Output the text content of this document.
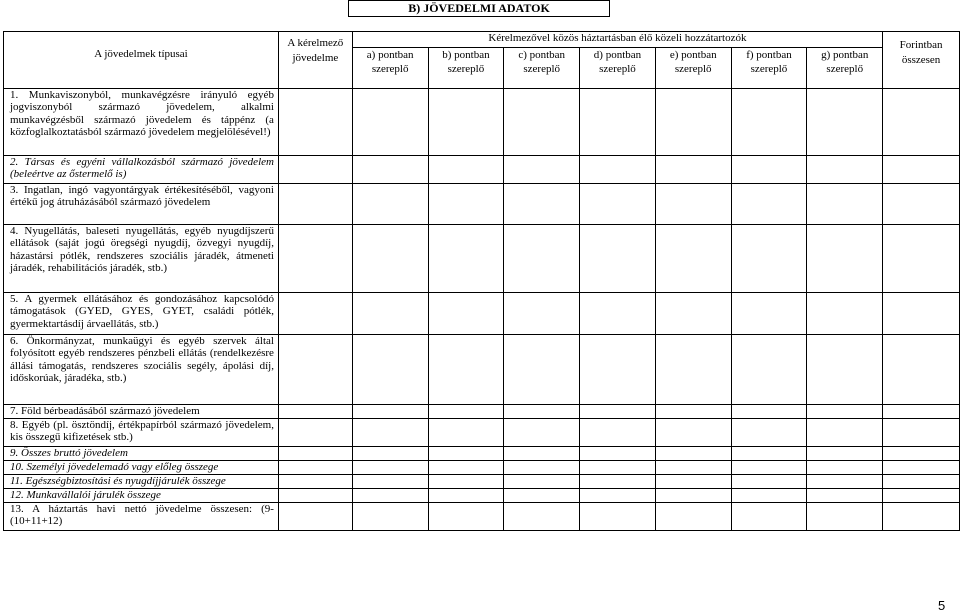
B) JÖVEDELMI ADATOK
A jövedelmek típusai	A kérelmező jövedelme	Kérelmezővel közös háztartásban élő közeli hozzátartozók							Forintban összesen
		a) pontban szereplő	b) pontban szereplő	c) pontban szereplő	d) pontban szereplő	e) pontban szereplő	f) pontban szereplő	g) pontban szereplő	

1. Munkaviszonyból, munkavégzésre irányuló egyéb jogviszonyból származó jövedelem, alkalmi munkavégzésből származó jövedelem és táppénz (a közfoglalkoztatásból származó jövedelem megjelölésével!)									

2. Társas és egyéni vállalkozásból származó jövedelem (beleértve az őstermelő is)									

3. Ingatlan, ingó vagyontárgyak értékesítéséből, vagyoni értékű jog átruházásából származó jövedelem									

4. Nyugellátás, baleseti nyugellátás, egyéb nyugdíjszerű ellátások (saját jogú öregségi nyugdíj, özvegyi nyugdíj, házastársi pótlék, rendszeres szociális járadék, átmeneti járadék, rehabilitációs járadék, stb.)									

5. A gyermek ellátásához és gondozásához kapcsolódó támogatások (GYED, GYES, GYET, családi pótlék, gyermektartásdíj árvaellátás, stb.)									

6. Önkormányzat, munkaügyi és egyéb szervek által folyósított egyéb rendszeres pénzbeli ellátás (rendelkezésre állási támogatás, rendszeres szociális segély, ápolási díj, időskorúak, járadéka, stb.)									

7. Föld bérbeadásából származó jövedelem									

8. Egyéb (pl. ösztöndíj, értékpapírból származó jövedelem, kis összegű kifizetések stb.)									

9. Összes bruttó jövedelem									

10. Személyi jövedelemadó vagy előleg összege									

11. Egészségbiztosítási és nyugdíjjárulék összege									

12. Munkavállalói járulék összege									

13. A háztartás havi nettó jövedelme összesen: (9-(10+11+12)									

5
